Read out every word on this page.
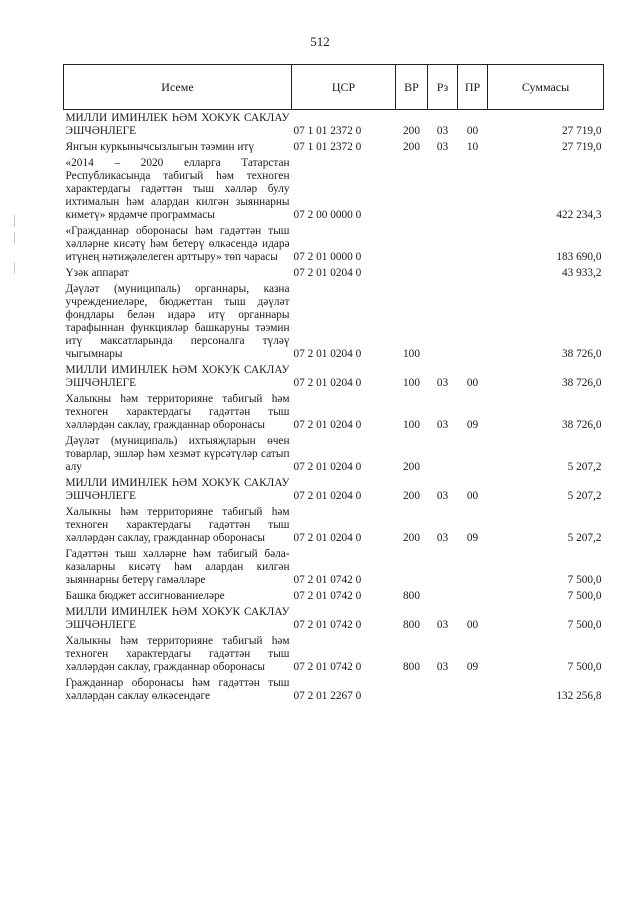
512
Исеме	ЦСР	ВР	Рз	ПР	Суммасы
МИЛЛИ ИМИНЛЕК ҺӘМ ХОКУК САКЛАУ ЭШЧӘНЛЕГЕ	07 1 01 2372 0	200	03	00	27 719,0
Янгын куркынычсызлыгын тәэмин итү	07 1 01 2372 0	200	03	10	27 719,0
«2014 – 2020 елларга Татарстан Республикасында табигый һәм техноген характердагы гадәттән тыш хәлләр булу ихтималын һәм алардан килгән зыяннарны киметү» ярдәмче программасы	07 2 00 0000 0				422 234,3
«Гражданнар оборонасы һәм гадәттән тыш хәлләрне кисәтү һәм бетерү өлкәсендә идарә итүнең нәтиҗәлелеген арттыру» төп чарасы	07 2 01 0000 0				183 690,0
Үзәк аппарат	07 2 01 0204 0				43 933,2
Дәүләт (муниципаль) органнары, казна учреждениеләре, бюджеттан тыш дәүләт фондлары белән идарә итү органнары тарафыннан функцияләр башкаруны тәэмин итү максатларында персоналга түләү чыгымнары	07 2 01 0204 0	100			38 726,0
МИЛЛИ ИМИНЛЕК ҺӘМ ХОКУК САКЛАУ ЭШЧӘНЛЕГЕ	07 2 01 0204 0	100	03	00	38 726,0
Халыкны һәм территорияне табигый һәм техноген характердагы гадәттән тыш хәлләрдән саклау, гражданнар оборонасы	07 2 01 0204 0	100	03	09	38 726,0
Дәүләт (муниципаль) ихтыяҗларын өчен товарлар, эшләр һәм хезмәт күрсәтүләр сатып алу	07 2 01 0204 0	200			5 207,2
МИЛЛИ ИМИНЛЕК ҺӘМ ХОКУК САКЛАУ ЭШЧӘНЛЕГЕ	07 2 01 0204 0	200	03	00	5 207,2
Халыкны һәм территорияне табигый һәм техноген характердагы гадәттән тыш хәлләрдән саклау, гражданнар оборонасы	07 2 01 0204 0	200	03	09	5 207,2
Гадәттән тыш хәлләрне һәм табигый бәла-казаларны кисәтү һәм алардан килгән зыяннарны бетерү гамәлләре	07 2 01 0742 0				7 500,0
Башка бюджет ассигнованиеләре	07 2 01 0742 0	800			7 500,0
МИЛЛИ ИМИНЛЕК ҺӘМ ХОКУК САКЛАУ ЭШЧӘНЛЕГЕ	07 2 01 0742 0	800	03	00	7 500,0
Халыкны һәм территорияне табигый һәм техноген характердагы гадәттән тыш хәлләрдән саклау, гражданнар оборонасы	07 2 01 0742 0	800	03	09	7 500,0
Гражданнар оборонасы һәм гадәттән тыш хәлләрдән саклау өлкәсендәге	07 2 01 2267 0				132 256,8
